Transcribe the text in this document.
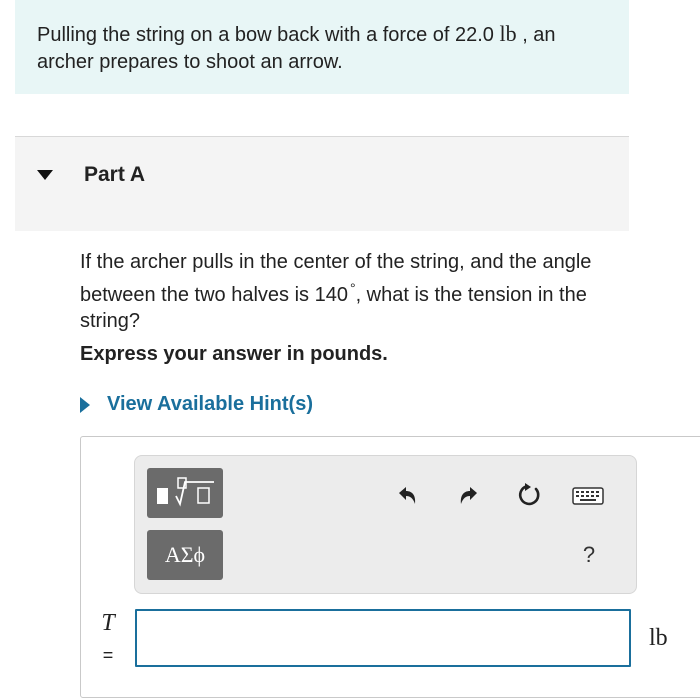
Pulling the string on a bow back with a force of 22.0 lb , an archer prepares to shoot an arrow.
Part A
If the archer pulls in the center of the string, and the angle between the two halves is 140 °, what is the tension in the string?
Express your answer in pounds.
View Available Hint(s)
ΑΣϕ	?
T
=
lb
